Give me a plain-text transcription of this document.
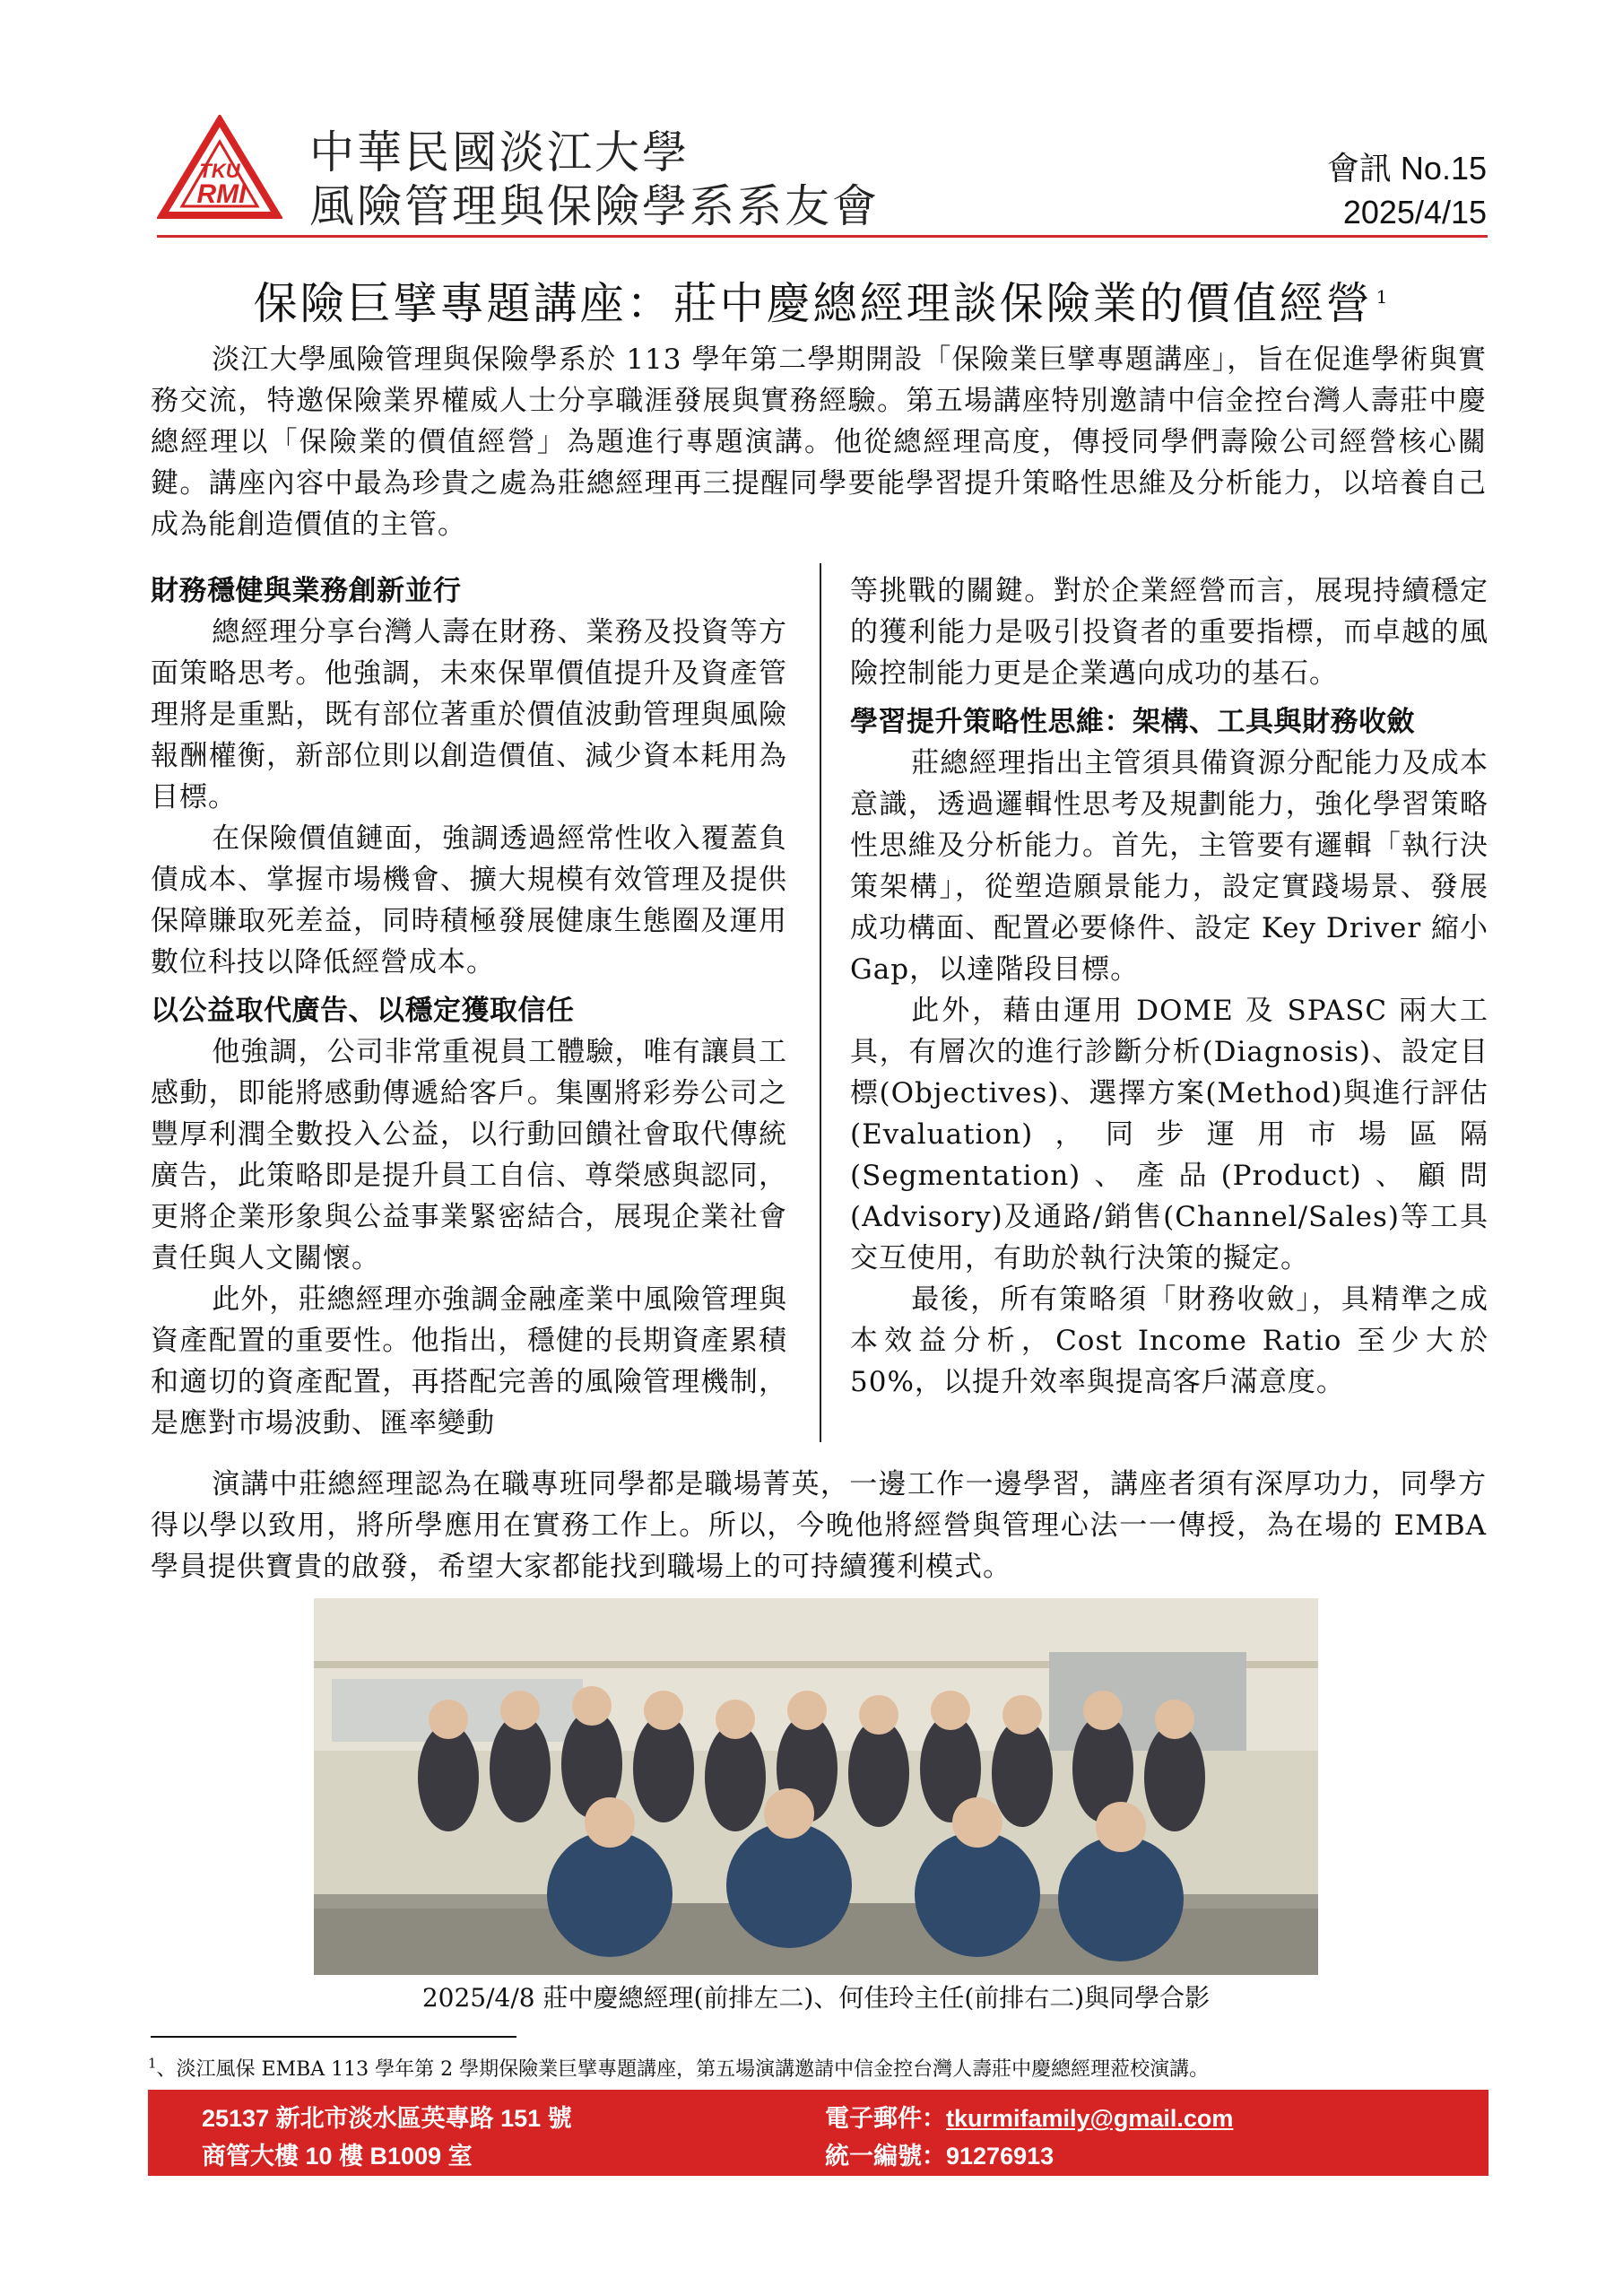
TKU
RMI
中華民國淡江大學
風險管理與保險學系系友會
會訊 No.15
2025/4/15
保險巨擘專題講座：莊中慶總經理談保險業的價值經營 $^1$

淡江大學風險管理與保險學系於 113 學年第二學期開設「保險業巨擘專題講座」，旨在促進學術與實務交流，特邀保險業界權威人士分享職涯發展與實務經驗。第五場講座特別邀請中信金控台灣人壽莊中慶總經理以「保險業的價值經營」為題進行專題演講。他從總經理高度，傳授同學們壽險公司經營核心關鍵。講座內容中最為珍貴之處為莊總經理再三提醒同學要能學習提升策略性思維及分析能力，以培養自己成為能創造價值的主管。

財務穩健與業務創新並行

總經理分享台灣人壽在財務、業務及投資等方面策略思考。他強調，未來保單價值提升及資產管理將是重點，既有部位著重於價值波動管理與風險報酬權衡，新部位則以創造價值、減少資本耗用為目標。

在保險價值鏈面，強調透過經常性收入覆蓋負債成本、掌握市場機會、擴大規模有效管理及提供保障賺取死差益，同時積極發展健康生態圈及運用數位科技以降低經營成本。

以公益取代廣告、以穩定獲取信任

他強調，公司非常重視員工體驗，唯有讓員工感動，即能將感動傳遞給客戶。集團將彩券公司之豐厚利潤全數投入公益，以行動回饋社會取代傳統廣告，此策略即是提升員工自信、尊榮感與認同，更將企業形象與公益事業緊密結合，展現企業社會責任與人文關懷。

此外，莊總經理亦強調金融產業中風險管理與資產配置的重要性。他指出，穩健的長期資產累積和適切的資產配置，再搭配完善的風險管理機制，是應對市場波動、匯率變動

等挑戰的關鍵。對於企業經營而言，展現持續穩定的獲利能力是吸引投資者的重要指標，而卓越的風險控制能力更是企業邁向成功的基石。

學習提升策略性思維：架構、工具與財務收斂

莊總經理指出主管須具備資源分配能力及成本意識，透過邏輯性思考及規劃能力，強化學習策略性思維及分析能力。首先，主管要有邏輯「執行決策架構」，從塑造願景能力，設定實踐場景、發展成功構面、配置必要條件、設定 Key Driver 縮小 Gap，以達階段目標。

此外，藉由運用 DOME 及 SPASC 兩大工具，有層次的進行診斷分析(Diagnosis)、設定目標(Objectives)、選擇方案(Method)與進行評估(Evaluation)，同步運用市場區隔(Segmentation)、產品(Product)、顧問(Advisory)及通路/銷售(Channel/Sales)等工具交互使用，有助於執行決策的擬定。

最後，所有策略須「財務收斂」，具精準之成本效益分析，Cost Income Ratio 至少大於 50%，以提升效率與提高客戶滿意度。

演講中莊總經理認為在職專班同學都是職場菁英，一邊工作一邊學習，講座者須有深厚功力，同學方得以學以致用，將所學應用在實務工作上。所以，今晚他將經營與管理心法一一傳授，為在場的 EMBA 學員提供寶貴的啟發，希望大家都能找到職場上的可持續獲利模式。

2025/4/8 莊中慶總經理(前排左二)、何佳玲主任(前排右二)與同學合影
$^1$、淡江風保 EMBA 113 學年第 2 學期保險業巨擘專題講座，第五場演講邀請中信金控台灣人壽莊中慶總經理蒞校演講。
25137 新北市淡水區英專路 151 號
商管大樓 10 樓 B1009 室
電子郵件：tkurmifamily@gmail.com
統一編號：91276913
